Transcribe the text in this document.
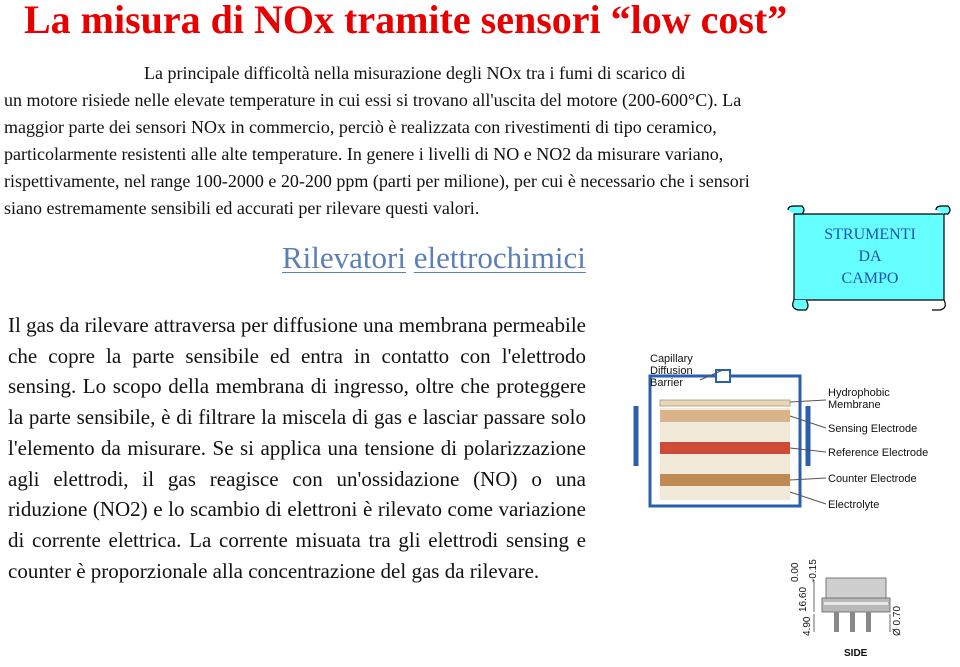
La misura di NOx tramite sensori “low cost”
La principale difficoltà nella misurazione degli NOx tra i fumi di scarico di
un motore risiede nelle elevate temperature in cui essi si trovano all'uscita del motore (200-600°C). La
maggior parte dei sensori NOx in commercio, perciò è realizzata con rivestimenti di tipo ceramico,
particolarmente resistenti alle alte temperature. In genere i livelli di NO e NO2 da misurare variano,
rispettivamente, nel range 100-2000 e 20-200 ppm (parti per milione), per cui è necessario che i sensori
siano estremamente sensibili ed accurati per rilevare questi valori.
Rilevatori elettrochimici
STRUMENTI
DA
CAMPO
Il gas da rilevare attraversa per diffusione una membrana permeabile che copre la parte sensibile ed entra in contatto con l'elettrodo sensing. Lo scopo della membrana di ingresso, oltre che proteggere la parte sensibile, è di filtrare la miscela di gas e lasciar passare solo l'elemento da misurare. Se si applica una tensione di polarizzazione agli elettrodi, il gas reagisce con un'ossidazione (NO) o una riduzione (NO2) e lo scambio di elettroni è rilevato come variazione di corrente elettrica. La corrente misuata tra gli elettrodi sensing e counter è proporzionale alla concentrazione del gas da rilevare.
Capillary Diffusion Barrier
Hydrophobic Membrane
Sensing Electrode
Reference Electrode
Counter Electrode
Electrolyte
16.60
0.00 -0.15
4.90	Ø 0.70
SIDE
